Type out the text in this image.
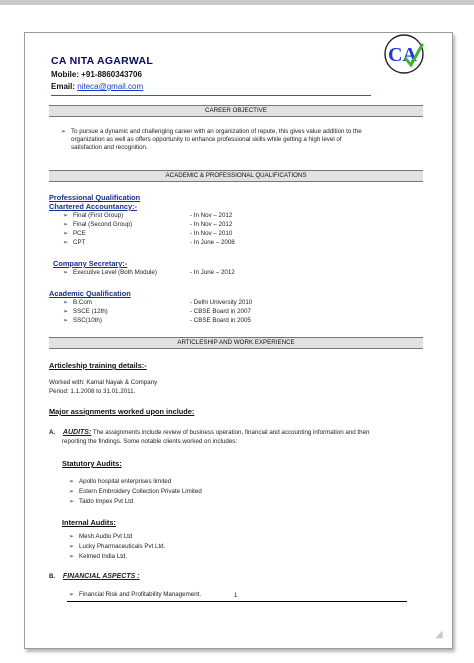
CA NITA AGARWAL
Mobile: +91-8860343706
Email: niteca@gmail.com
CA
CAREER OBJECTIVE
➢ To pursue a dynamic and challenging career with an organization of repute, this gives value addition to the
organization as well as offers opportunity to enhance professional skills while getting a high level of
satisfaction and recognition.
ACADEMIC & PROFESSIONAL QUALIFICATIONS
Professional Qualification
Chartered Accountancy:-
➢ Final (First Group)	- In Nov – 2012
➢ Final (Second Group)	- In Nov – 2012
➢ PCE	- In Nov – 2010
➢ CPT	- In June – 2008
Company Secretary:-
➢ Executive Level (Both Module)	- In June – 2012
Academic Qualification
➢ B.Com	- Delhi University 2010
➢ SSCE (12th)	- CBSE Board in 2007
➢ SSC(10th)	- CBSE Board in 2005
ARTICLESHIP AND WORK EXPERIENCE
Articleship training details:-
Worked with: Kamal Nayak & Company
Period: 1.1.2008 to 31.01.2011.
Major assignments worked upon include:
A. AUDITS: The assignments include review of business operation, financial and accounting information and then
reporting the findings. Some notable clients worked on includes:
Statutory Audits:
➢ Apollo hospital enterprises limited
➢ Estern Embroidery Collection Private Limited
➢ Taldo Impex Pvt Ltd
Internal Audits:
➢ Mesh Audio Pvt Ltd
➢ Lucky Pharmaceuticals Pvt Ltd.
➢ Kelmed India Ltd.
B. FINANCIAL ASPECTS :
➢ Financial Risk and Profitability Management.	1
◢
